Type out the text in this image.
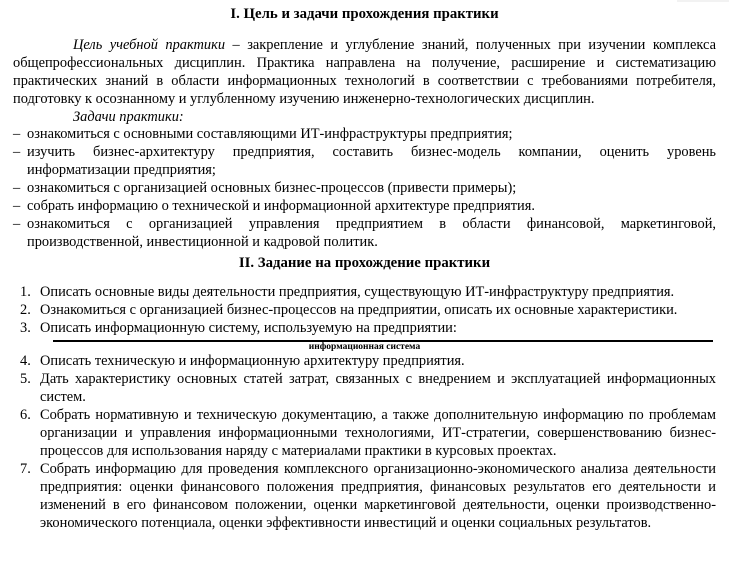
I. Цель и задачи прохождения практики

Цель учебной практики – закрепление и углубление знаний, полученных при изучении комплекса общепрофессиональных дисциплин. Практика направлена на получение, расширение и систематизацию практических знаний в области информационных технологий в соответствии с требованиями потребителя, подготовку к осознанному и углубленному изучению инженерно-технологических дисциплин.

Задачи практики:
– ознакомиться с основными составляющими ИТ-инфраструктуры предприятия;
– изучить бизнес-архитектуру предприятия, составить бизнес-модель компании, оценить уровень информатизации предприятия;
– ознакомиться с организацией основных бизнес-процессов (привести примеры);
– собрать информацию о технической и информационной архитектуре предприятия.
– ознакомиться с организацией управления предприятием в области финансовой, маркетинговой, производственной, инвестиционной и кадровой политик.
II. Задание на прохождение практики
1. Описать основные виды деятельности предприятия, существующую ИТ-инфраструктуру предприятия.
2. Ознакомиться с организацией бизнес-процессов на предприятии, описать их основные характеристики.
3. Описать информационную систему, используемую на предприятии:
информационная система
4. Описать техническую и информационную архитектуру предприятия.
5. Дать характеристику основных статей затрат, связанных с внедрением и эксплуатацией информационных систем.
6. Собрать нормативную и техническую документацию, а также дополнительную информацию по проблемам организации и управления информационными технологиями, ИТ-стратегии, совершенствованию бизнес-процессов для использования наряду с материалами практики в курсовых проектах.
7. Собрать информацию для проведения комплексного организационно-экономического анализа деятельности предприятия: оценки финансового положения предприятия, финансовых результатов его деятельности и изменений в его финансовом положении, оценки маркетинговой деятельности, оценки производственно-экономического потенциала, оценки эффективности инвестиций и оценки социальных результатов.
